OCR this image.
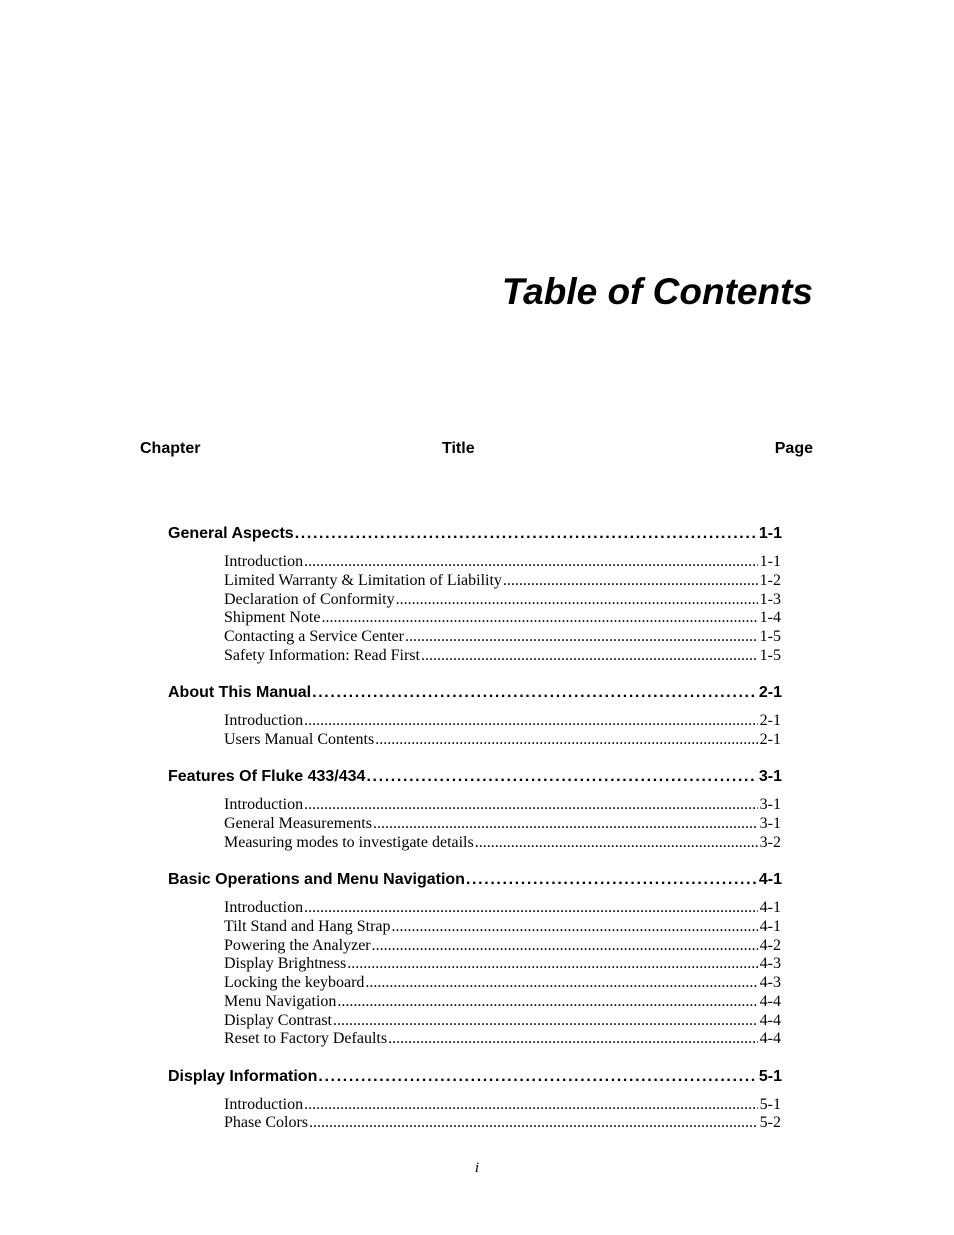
Table of Contents
Chapter	Title	Page
General Aspects . . .	1-1
Introduction . . .	1-1
Limited Warranty & Limitation of Liability . . .	1-2
Declaration of Conformity . . .	1-3
Shipment Note . . .	1-4
Contacting a Service Center . . .	1-5
Safety Information: Read First . . .	1-5
About This Manual . . .	2-1
Introduction . . .	2-1
Users Manual Contents . . .	2-1
Features Of Fluke 433/434 . . .	3-1
Introduction . . .	3-1
General Measurements . . .	3-1
Measuring modes to investigate details . . .	3-2
Basic Operations and Menu Navigation . . .	4-1
Introduction . . .	4-1
Tilt Stand and Hang Strap . . .	4-1
Powering the Analyzer . . .	4-2
Display Brightness . . .	4-3
Locking the keyboard . . .	4-3
Menu Navigation . . .	4-4
Display Contrast . . .	4-4
Reset to Factory Defaults . . .	4-4
Display Information . . .	5-1
Introduction . . .	5-1
Phase Colors . . .	5-2
i
